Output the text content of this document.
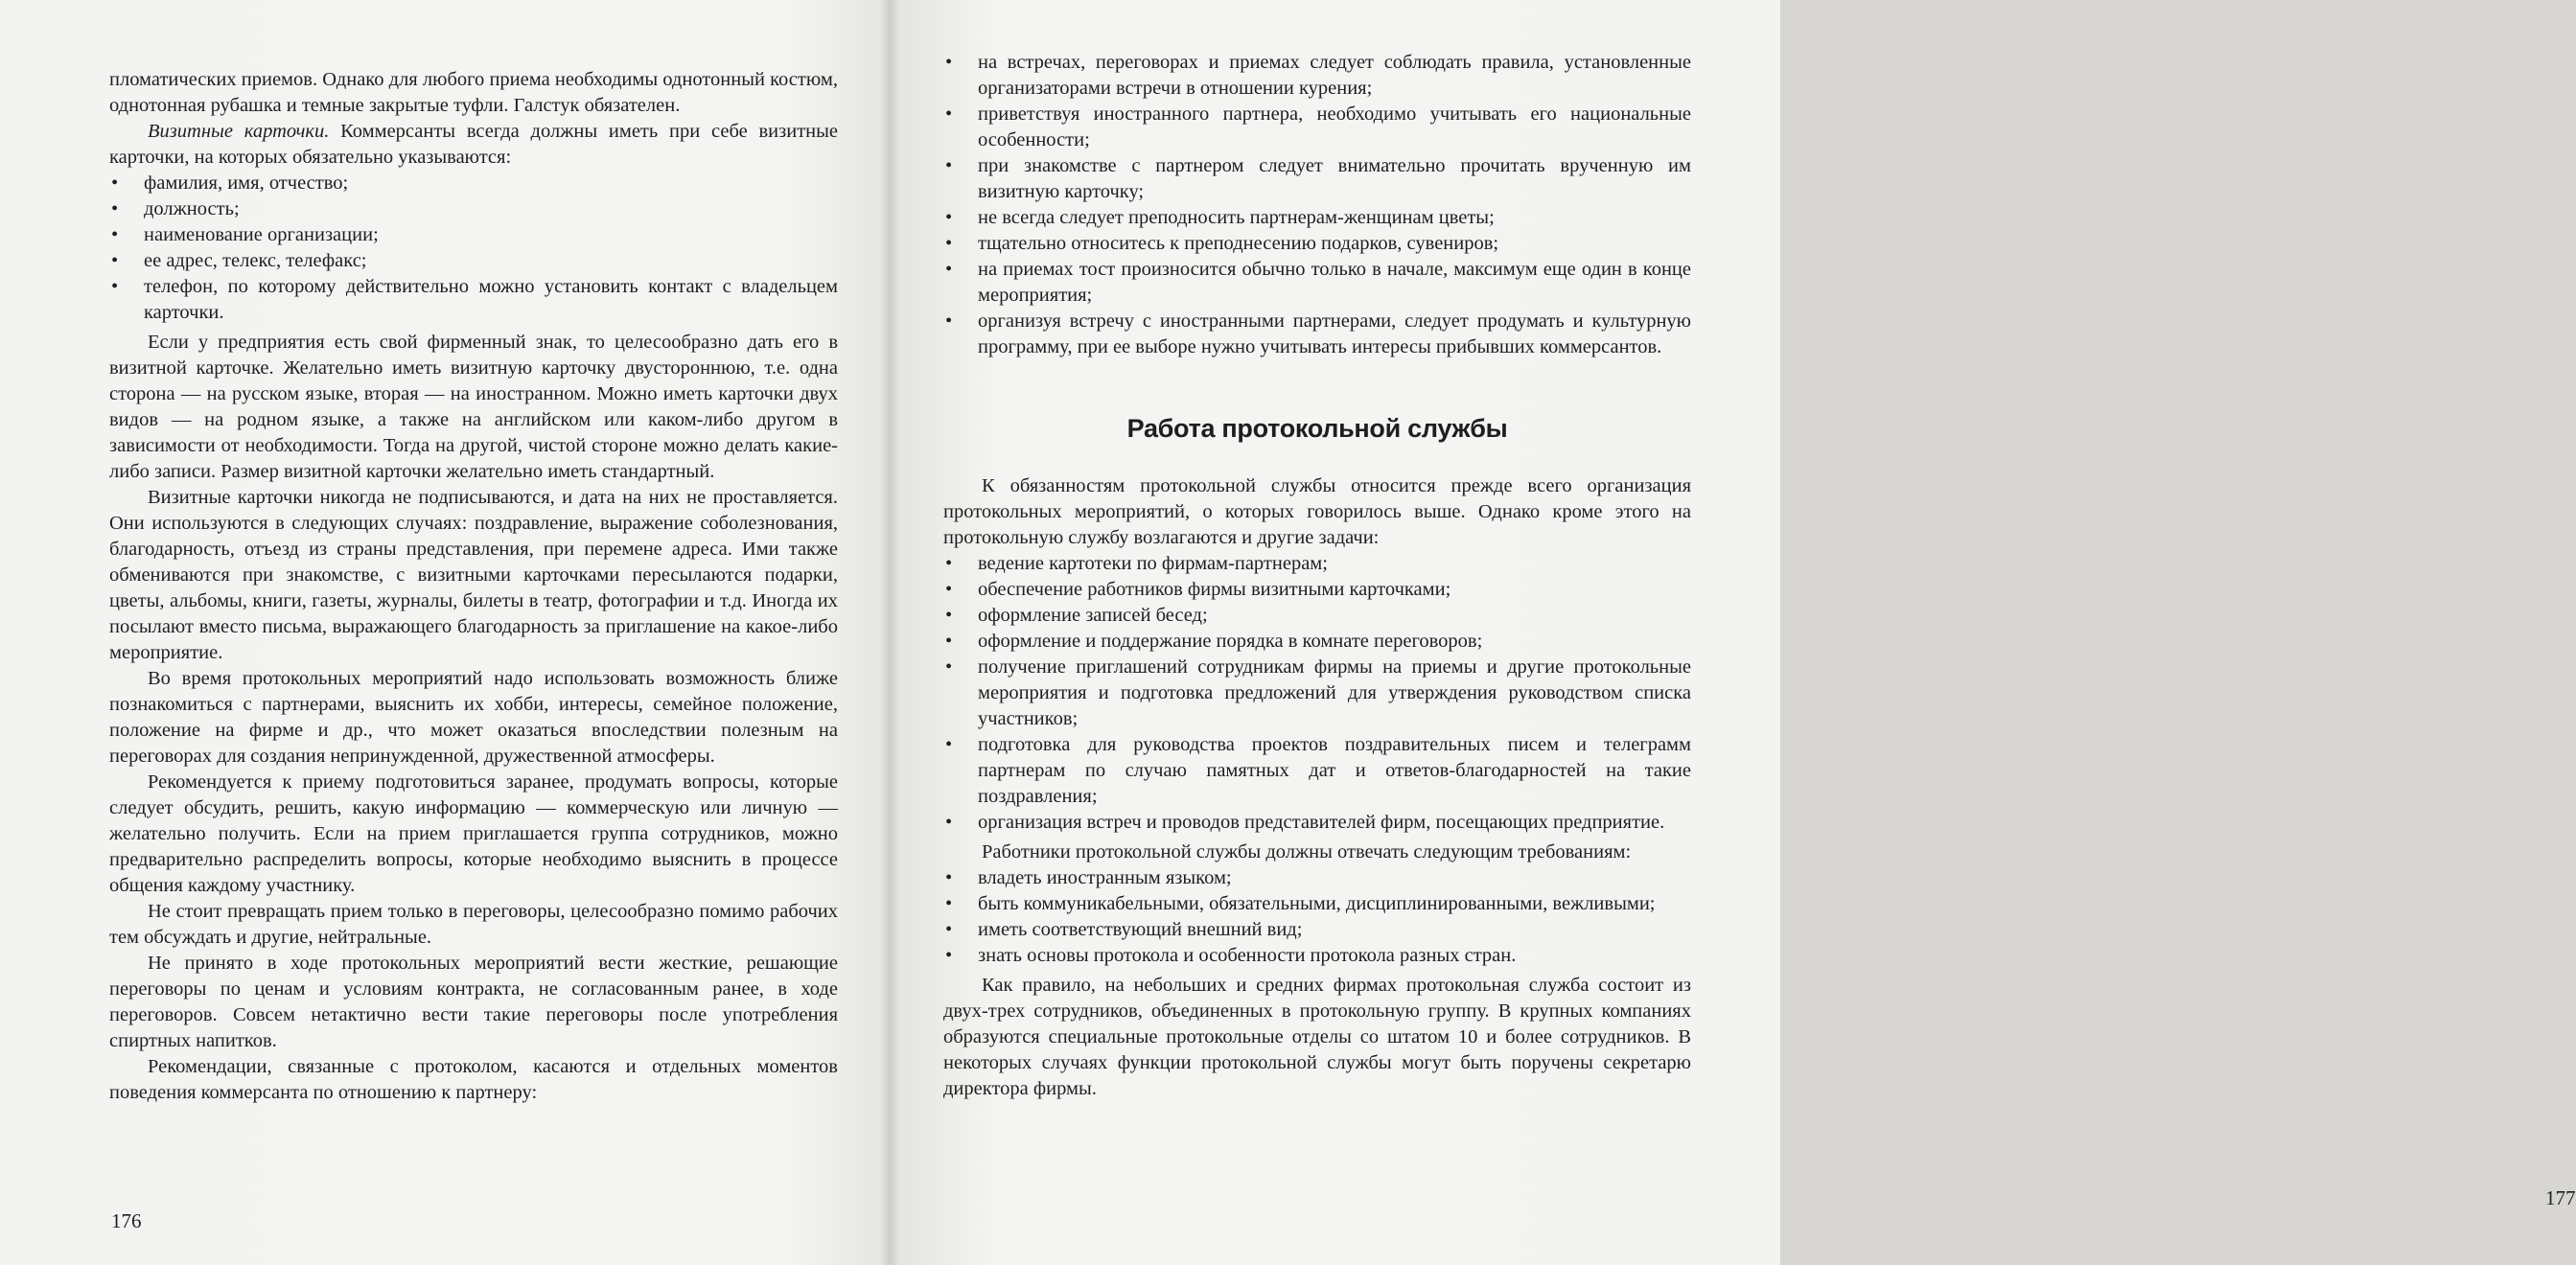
пломатических приемов. Однако для любого приема необходимы однотонный костюм, однотонная рубашка и темные закрытые туфли. Галстук обязателен.

Визитные карточки. Коммерсанты всегда должны иметь при себе визитные карточки, на которых обязательно указываются:

• фамилия, имя, отчество;
• должность;
• наименование организации;
• ее адрес, телекс, телефакс;
• телефон, по которому действительно можно установить контакт с владельцем карточки.

Если у предприятия есть свой фирменный знак, то целесообразно дать его в визитной карточке. Желательно иметь визитную карточку двустороннюю, т.е. одна сторона — на русском языке, вторая — на иностранном. Можно иметь карточки двух видов — на родном языке, а также на английском или каком-либо другом в зависимости от необходимости. Тогда на другой, чистой стороне можно делать какие-либо записи. Размер визитной карточки желательно иметь стандартный.

Визитные карточки никогда не подписываются, и дата на них не проставляется. Они используются в следующих случаях: поздравление, выражение соболезнования, благодарность, отъезд из страны представления, при перемене адреса. Ими также обмениваются при знакомстве, с визитными карточками пересылаются подарки, цветы, альбомы, книги, газеты, журналы, билеты в театр, фотографии и т.д. Иногда их посылают вместо письма, выражающего благодарность за приглашение на какое-либо мероприятие.

Во время протокольных мероприятий надо использовать возможность ближе познакомиться с партнерами, выяснить их хобби, интересы, семейное положение, положение на фирме и др., что может оказаться впоследствии полезным на переговорах для создания непринужденной, дружественной атмосферы.

Рекомендуется к приему подготовиться заранее, продумать вопросы, которые следует обсудить, решить, какую информацию — коммерческую или личную — желательно получить. Если на прием приглашается группа сотрудников, можно предварительно распределить вопросы, которые необходимо выяснить в процессе общения каждому участнику.

Не стоит превращать прием только в переговоры, целесообразно помимо рабочих тем обсуждать и другие, нейтральные.

Не принято в ходе протокольных мероприятий вести жесткие, решающие переговоры по ценам и условиям контракта, не согласованным ранее, в ходе переговоров. Совсем нетактично вести такие переговоры после употребления спиртных напитков.

Рекомендации, связанные с протоколом, касаются и отдельных моментов поведения коммерсанта по отношению к партнеру:

176
• на встречах, переговорах и приемах следует соблюдать правила, установленные организаторами встречи в отношении курения;
• приветствуя иностранного партнера, необходимо учитывать его национальные особенности;
• при знакомстве с партнером следует внимательно прочитать врученную им визитную карточку;
• не всегда следует преподносить партнерам-женщинам цветы;
• тщательно относитесь к преподнесению подарков, сувениров;
• на приемах тост произносится обычно только в начале, максимум еще один в конце мероприятия;
• организуя встречу с иностранными партнерами, следует продумать и культурную программу, при ее выборе нужно учитывать интересы прибывших коммерсантов.
Работа протокольной службы

К обязанностям протокольной службы относится прежде всего организация протокольных мероприятий, о которых говорилось выше. Однако кроме этого на протокольную службу возлагаются и другие задачи:

• ведение картотеки по фирмам-партнерам;
• обеспечение работников фирмы визитными карточками;
• оформление записей бесед;
• оформление и поддержание порядка в комнате переговоров;
• получение приглашений сотрудникам фирмы на приемы и другие протокольные мероприятия и подготовка предложений для утверждения руководством списка участников;
• подготовка для руководства проектов поздравительных писем и телеграмм партнерам по случаю памятных дат и ответов-благодарностей на такие поздравления;
• организация встреч и проводов представителей фирм, посещающих предприятие.

Работники протокольной службы должны отвечать следующим требованиям:

• владеть иностранным языком;
• быть коммуникабельными, обязательными, дисциплинированными, вежливыми;
• иметь соответствующий внешний вид;
• знать основы протокола и особенности протокола разных стран.

Как правило, на небольших и средних фирмах протокольная служба состоит из двух-трех сотрудников, объединенных в протокольную группу. В крупных компаниях образуются специальные протокольные отделы со штатом 10 и более сотрудников. В некоторых случаях функции протокольной службы могут быть поручены секретарю директора фирмы.

177
